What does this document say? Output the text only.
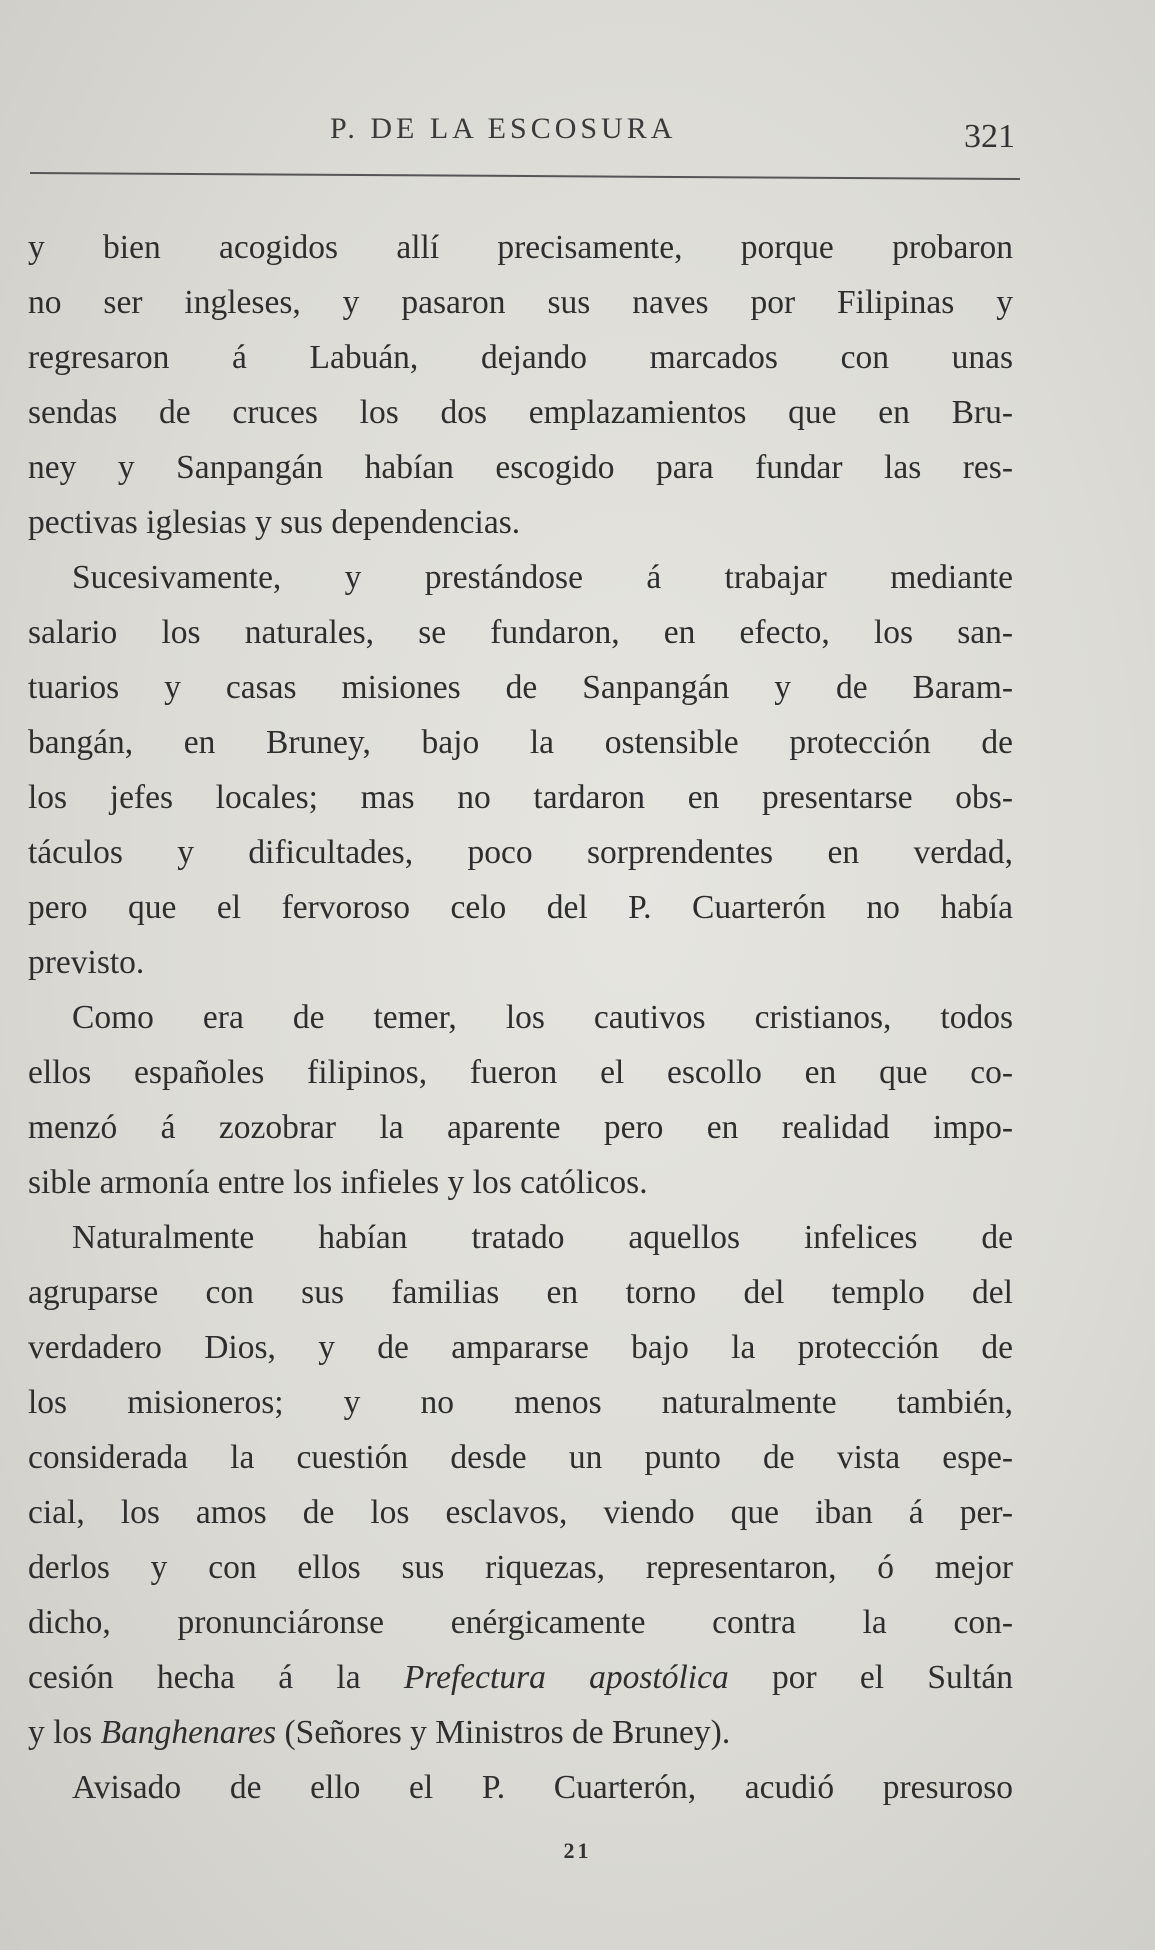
P. DE LA ESCOSURA	321
y bien acogidos allí precisamente, porque probaron
no ser ingleses, y pasaron sus naves por Filipinas y
regresaron á Labuán, dejando marcados con unas
sendas de cruces los dos emplazamientos que en Bru-
ney y Sanpangán habían escogido para fundar las res-
pectivas iglesias y sus dependencias.
Sucesivamente, y prestándose á trabajar mediante
salario los naturales, se fundaron, en efecto, los san-
tuarios y casas misiones de Sanpangán y de Baram-
bangán, en Bruney, bajo la ostensible protección de
los jefes locales; mas no tardaron en presentarse obs-
táculos y dificultades, poco sorprendentes en verdad,
pero que el fervoroso celo del P. Cuarterón no había
previsto.
Como era de temer, los cautivos cristianos, todos
ellos españoles filipinos, fueron el escollo en que co-
menzó á zozobrar la aparente pero en realidad impo-
sible armonía entre los infieles y los católicos.
Naturalmente habían tratado aquellos infelices de
agruparse con sus familias en torno del templo del
verdadero Dios, y de ampararse bajo la protección de
los misioneros; y no menos naturalmente también,
considerada la cuestión desde un punto de vista espe-
cial, los amos de los esclavos, viendo que iban á per-
derlos y con ellos sus riquezas, representaron, ó mejor
dicho, pronunciáronse enérgicamente contra la con-
cesión hecha á la Prefectura apostólica por el Sultán
y los Banghenares (Señores y Ministros de Bruney).
Avisado de ello el P. Cuarterón, acudió presuroso
21
